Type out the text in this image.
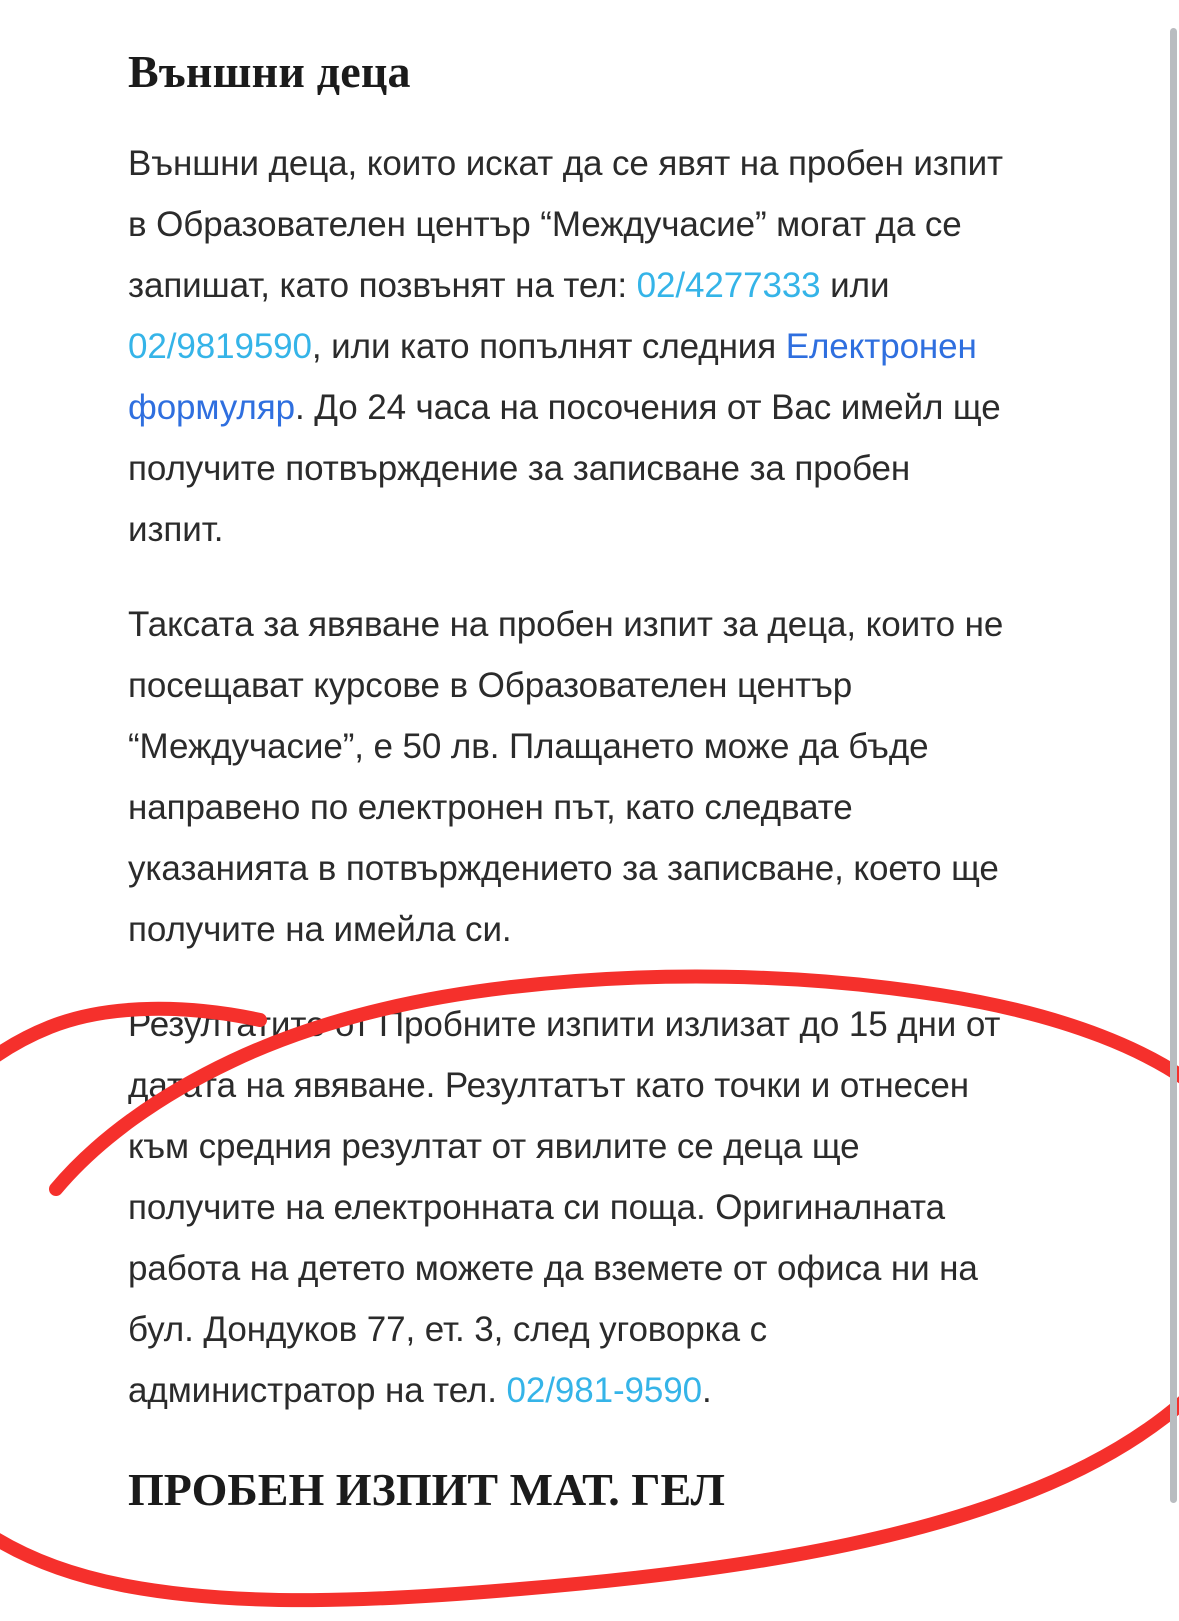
Външни деца

Външни деца, които искат да се явят на пробен изпит в Образователен център “Междучасие” могат да се запишат, като позвънят на тел: 02/4277333 или 02/9819590, или като попълнят следния Електронен формуляр. До 24 часа на посочения от Вас имейл ще получите потвърждение за записване за пробен изпит.

Таксата за явяване на пробен изпит за деца, които не посещават курсове в Образователен център “Междучасие”, е 50 лв. Плащането може да бъде направено по електронен път, като следвате указанията в потвърждението за записване, което ще получите на имейла си.

Резултатите от Пробните изпити излизат до 15 дни от датата на явяване. Резултатът като точки и отнесен към средния резултат от явилите се деца ще получите на електронната си поща. Оригиналната работа на детето можете да вземете от офиса ни на бул. Дондуков 77, ет. 3, след уговорка с администратор на тел. 02/981-9590.

ПРОБЕН ИЗПИТ МАТ. ГЕЛ
